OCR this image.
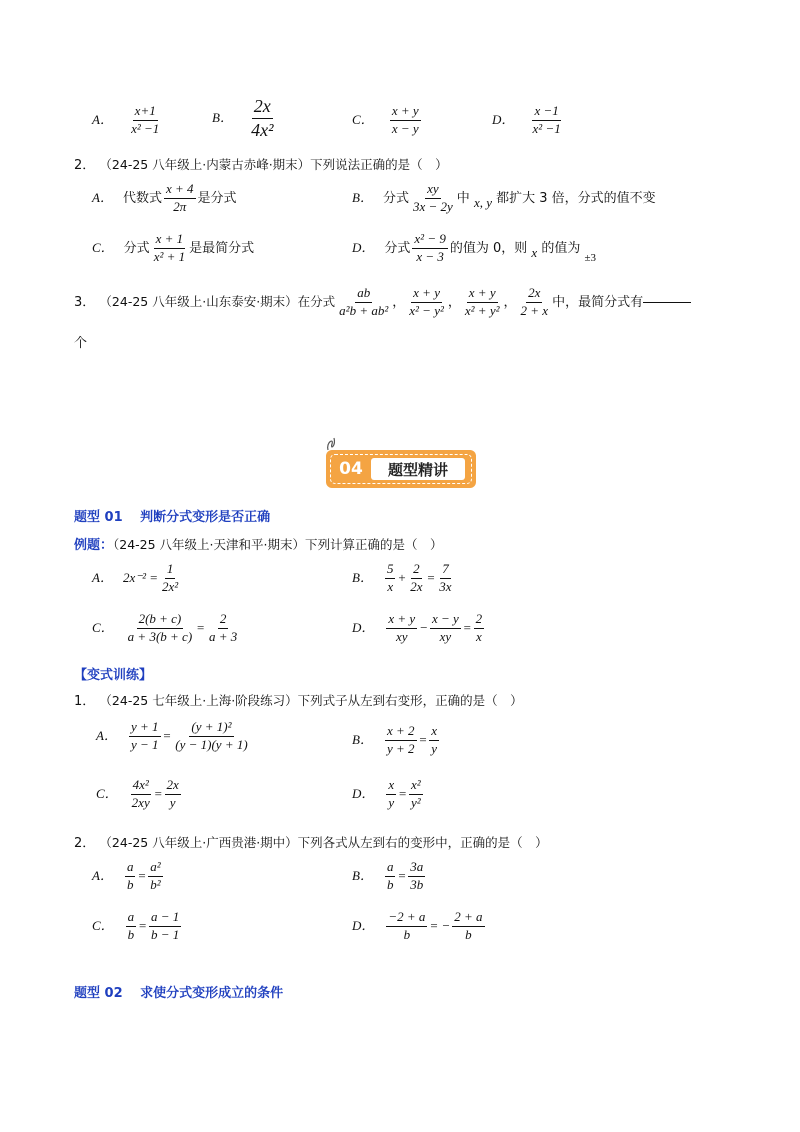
A． $\frac{x+1}{\text{x² −1}}$	B． $\frac{2x}{\text{4x²}}$	C． $\frac{x + y}{x - y}$	D． $\frac{x -1}{\text{x² −1}}$
2． （24-25 八年级上·内蒙古赤峰·期末）下列说法正确的是（　）
A． 代数式 $\frac{x + 4}{2\pi}$ 是分式	B． 分式 $\frac{xy}{3x - 2y}$ 中 x, y 都扩大 3 倍，分式的值不变
C． 分式 $\frac{x + 1}{\text{x² + 1}}$ 是最简分式	D． 分式 $\frac{\text{x² − 9}}{x - 3}$ 的值为 0，则 x 的值为 $_{\pm 3}$
3． （24-25 八年级上·山东泰安·期末）在分式 $\frac{ab}{\text{a²b + ab²}}$ ， $\frac{x + y}{\text{x² − y²}}$ ， $\frac{x + y}{\text{x² + y²}}$ ， $\frac{2x}{2 + x}$ 中，最简分式有
个
04	题型精讲
题型 01　 判断分式变形是否正确
例题：（24-25 八年级上·天津和平·期末）下列计算正确的是（　）
A． $2x^{-2} = \frac{1}{\text{2x²}}$	B． $\frac{5}{x} + \frac{2}{2x} = \frac{7}{3x}$
C． $\frac{2(b + c)}{a + 3(b + c)} = \frac{2}{a + 3}$	D． $\frac{x + y}{xy} - \frac{x - y}{xy} = \frac{2}{x}$
【变式训练】
1． （24-25 七年级上·上海·阶段练习）下列式子从左到右变形，正确的是（　）
A． $\frac{y + 1}{y - 1} = \frac{\text{(y + 1)²}}{(y - 1)(y + 1)}$	B． $\frac{x + 2}{y + 2} = \frac{x}{y}$
C． $\frac{\text{4x²}}{2xy} = \frac{2x}{y}$	D． $\frac{x}{y} = \frac{\text{x²}}{\text{y²}}$
2． （24-25 八年级上·广西贵港·期中）下列各式从左到右的变形中，正确的是（　）
A． $\frac{a}{b} = \frac{\text{a²}}{\text{b²}}$	B． $\frac{a}{b} = \frac{3a}{3b}$
C． $\frac{a}{b} = \frac{a - 1}{b - 1}$	D． $\frac{-2 + a}{b}$ = − $\frac{2 + a}{b}$
题型 02　 求使分式变形成立的条件
